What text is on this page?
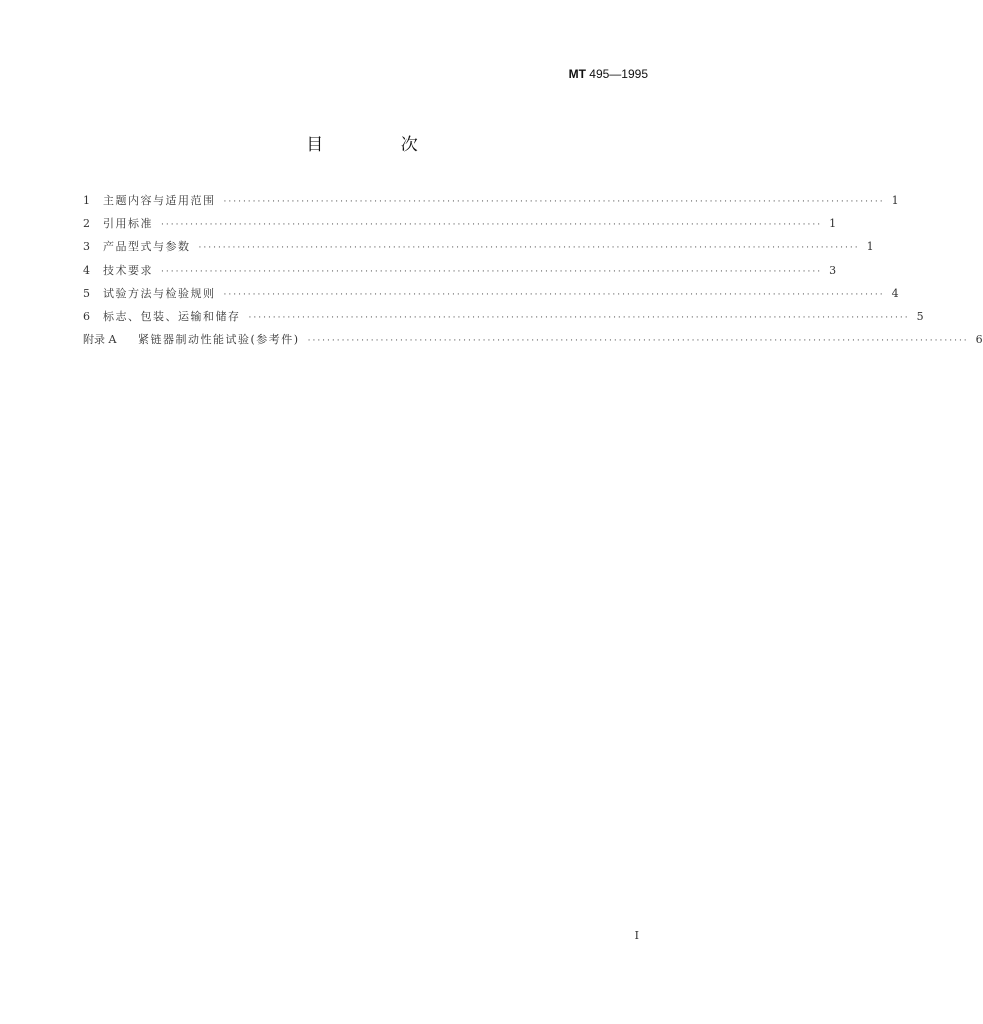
MT 495—1995
目 次
1	主题内容与适用范围 ········································································································································ 1
2	引用标准 ········································································································································ 1
3	产品型式与参数 ········································································································································ 1
4	技术要求 ········································································································································ 3
5	试验方法与检验规则 ········································································································································ 4
6	标志、包装、运输和储存 ········································································································································ 5
附录 A	紧链器制动性能试验(参考件) ········································································································································ 6
I
